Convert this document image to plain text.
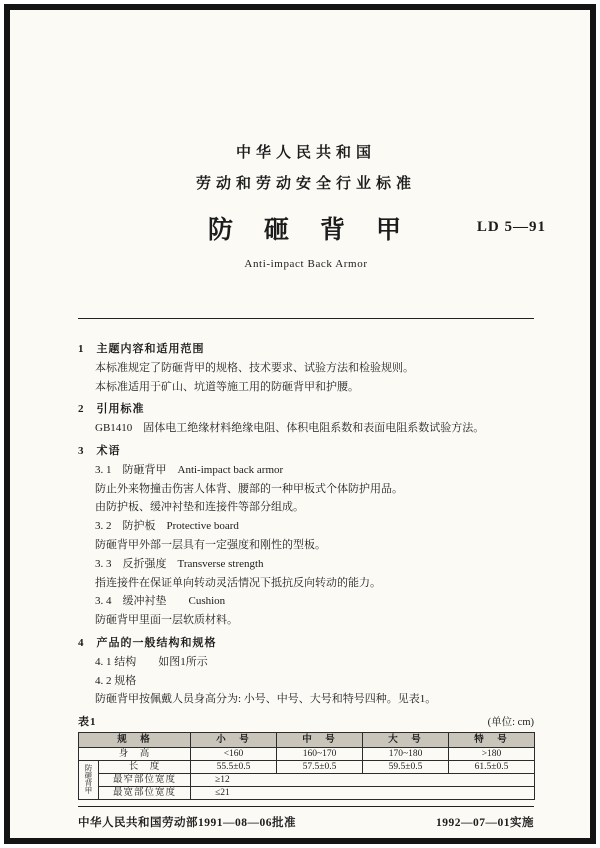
中华人民共和国
劳动和劳动安全行业标准
防　砸　背　甲	LD 5—91
Anti-impact Back Armor
1　主题内容和适用范围
本标准规定了防砸背甲的规格、技术要求、试验方法和检验规则。
本标准适用于矿山、坑道等施工用的防砸背甲和护腰。
2　引用标准
GB1410　固体电工绝缘材料绝缘电阻、体积电阻系数和表面电阻系数试验方法。
3　术语
3. 1　防砸背甲　Anti-impact back armor
防止外来物撞击伤害人体背、腰部的一种甲板式个体防护用品。
由防护板、缓冲衬垫和连接件等部分组成。
3. 2　防护板　Protective board
防砸背甲外部一层具有一定强度和刚性的型板。
3. 3　反折强度　Transverse strength
指连接件在保证单向转动灵活情况下抵抗反向转动的能力。
3. 4　缓冲衬垫　　Cushion
防砸背甲里面一层软质材料。
4　产品的一般结构和规格
4. 1 结构　　如图1所示
4. 2 规格
防砸背甲按佩戴人员身高分为: 小号、中号、大号和特号四种。见表1。
表1	(单位: cm)
规　格		小　号	中　号	大　号	特　号
身　高		<160	160~170	170~180	>180
防砸背甲	长　度	55.5±0.5	57.5±0.5	59.5±0.5	61.5±0.5
	最窄部位宽度	≥12			
	最宽部位宽度	≤21			
中华人民共和国劳动部1991—08—06批准	1992—07—01实施
